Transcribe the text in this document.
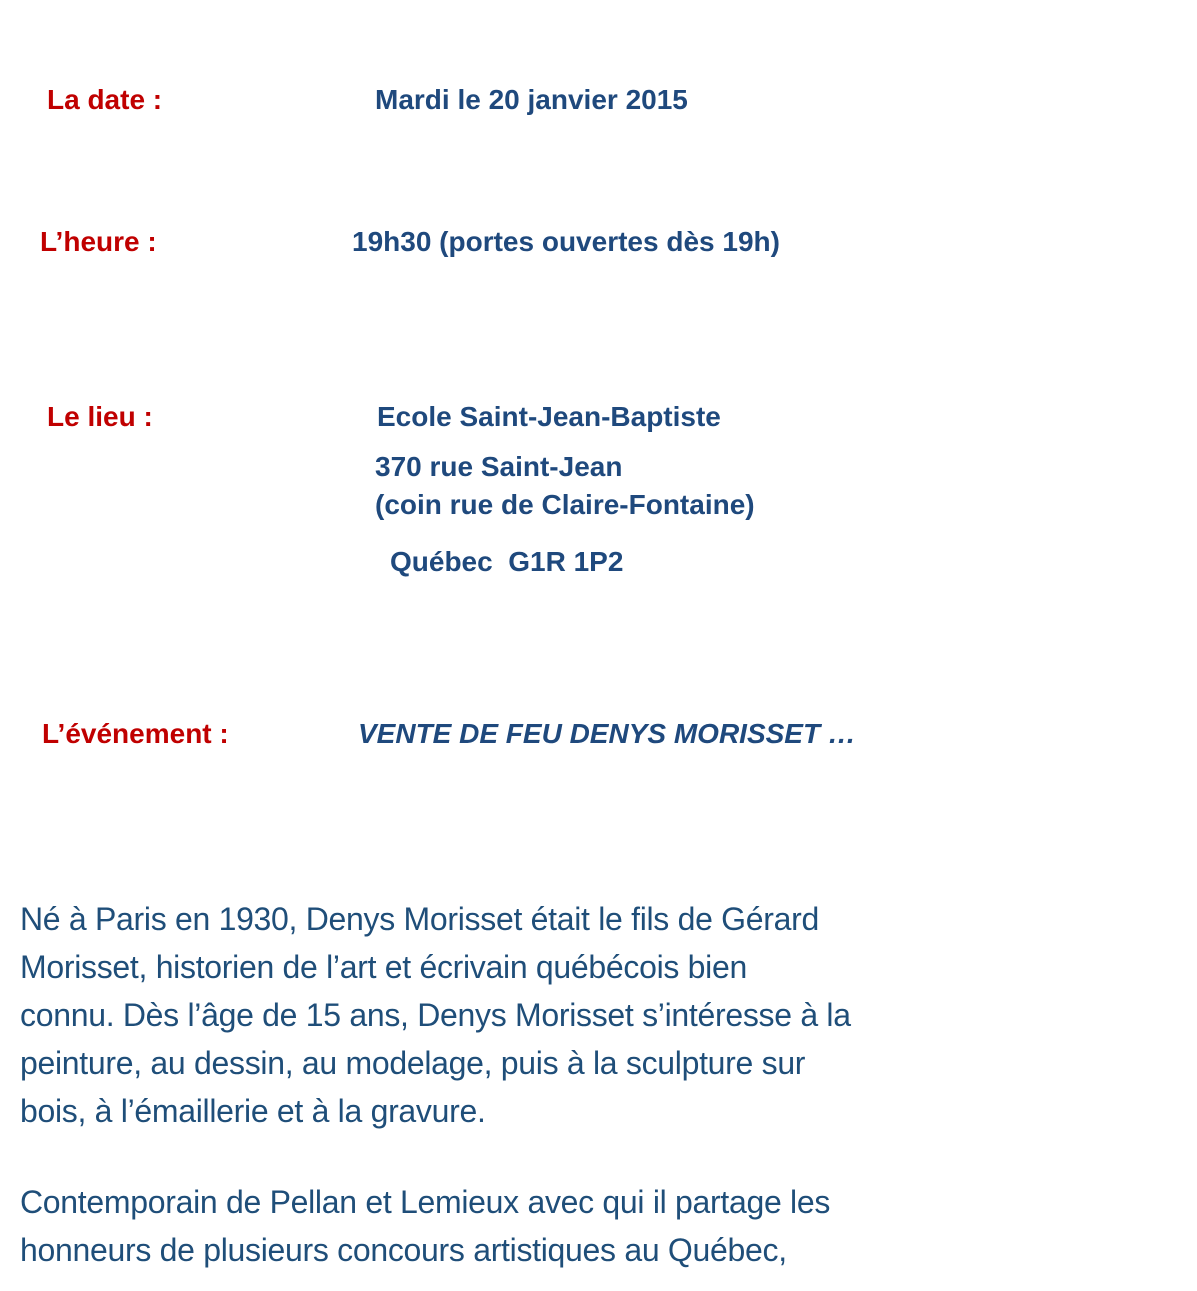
La date :	Mardi le 20 janvier 2015
L’heure :	19h30 (portes ouvertes dès 19h)
Le lieu :	Ecole Saint-Jean-Baptiste
370 rue Saint-Jean
(coin rue de Claire-Fontaine)
Québec  G1R 1P2
L’événement :	VENTE DE FEU DENYS MORISSET …
Né à Paris en 1930, Denys Morisset était le fils de Gérard
Morisset, historien de l’art et écrivain québécois bien
connu. Dès l’âge de 15 ans, Denys Morisset s’intéresse à la
peinture, au dessin, au modelage, puis à la sculpture sur
bois, à l’émaillerie et à la gravure.
Contemporain de Pellan et Lemieux avec qui il partage les
honneurs de plusieurs concours artistiques au Québec,
